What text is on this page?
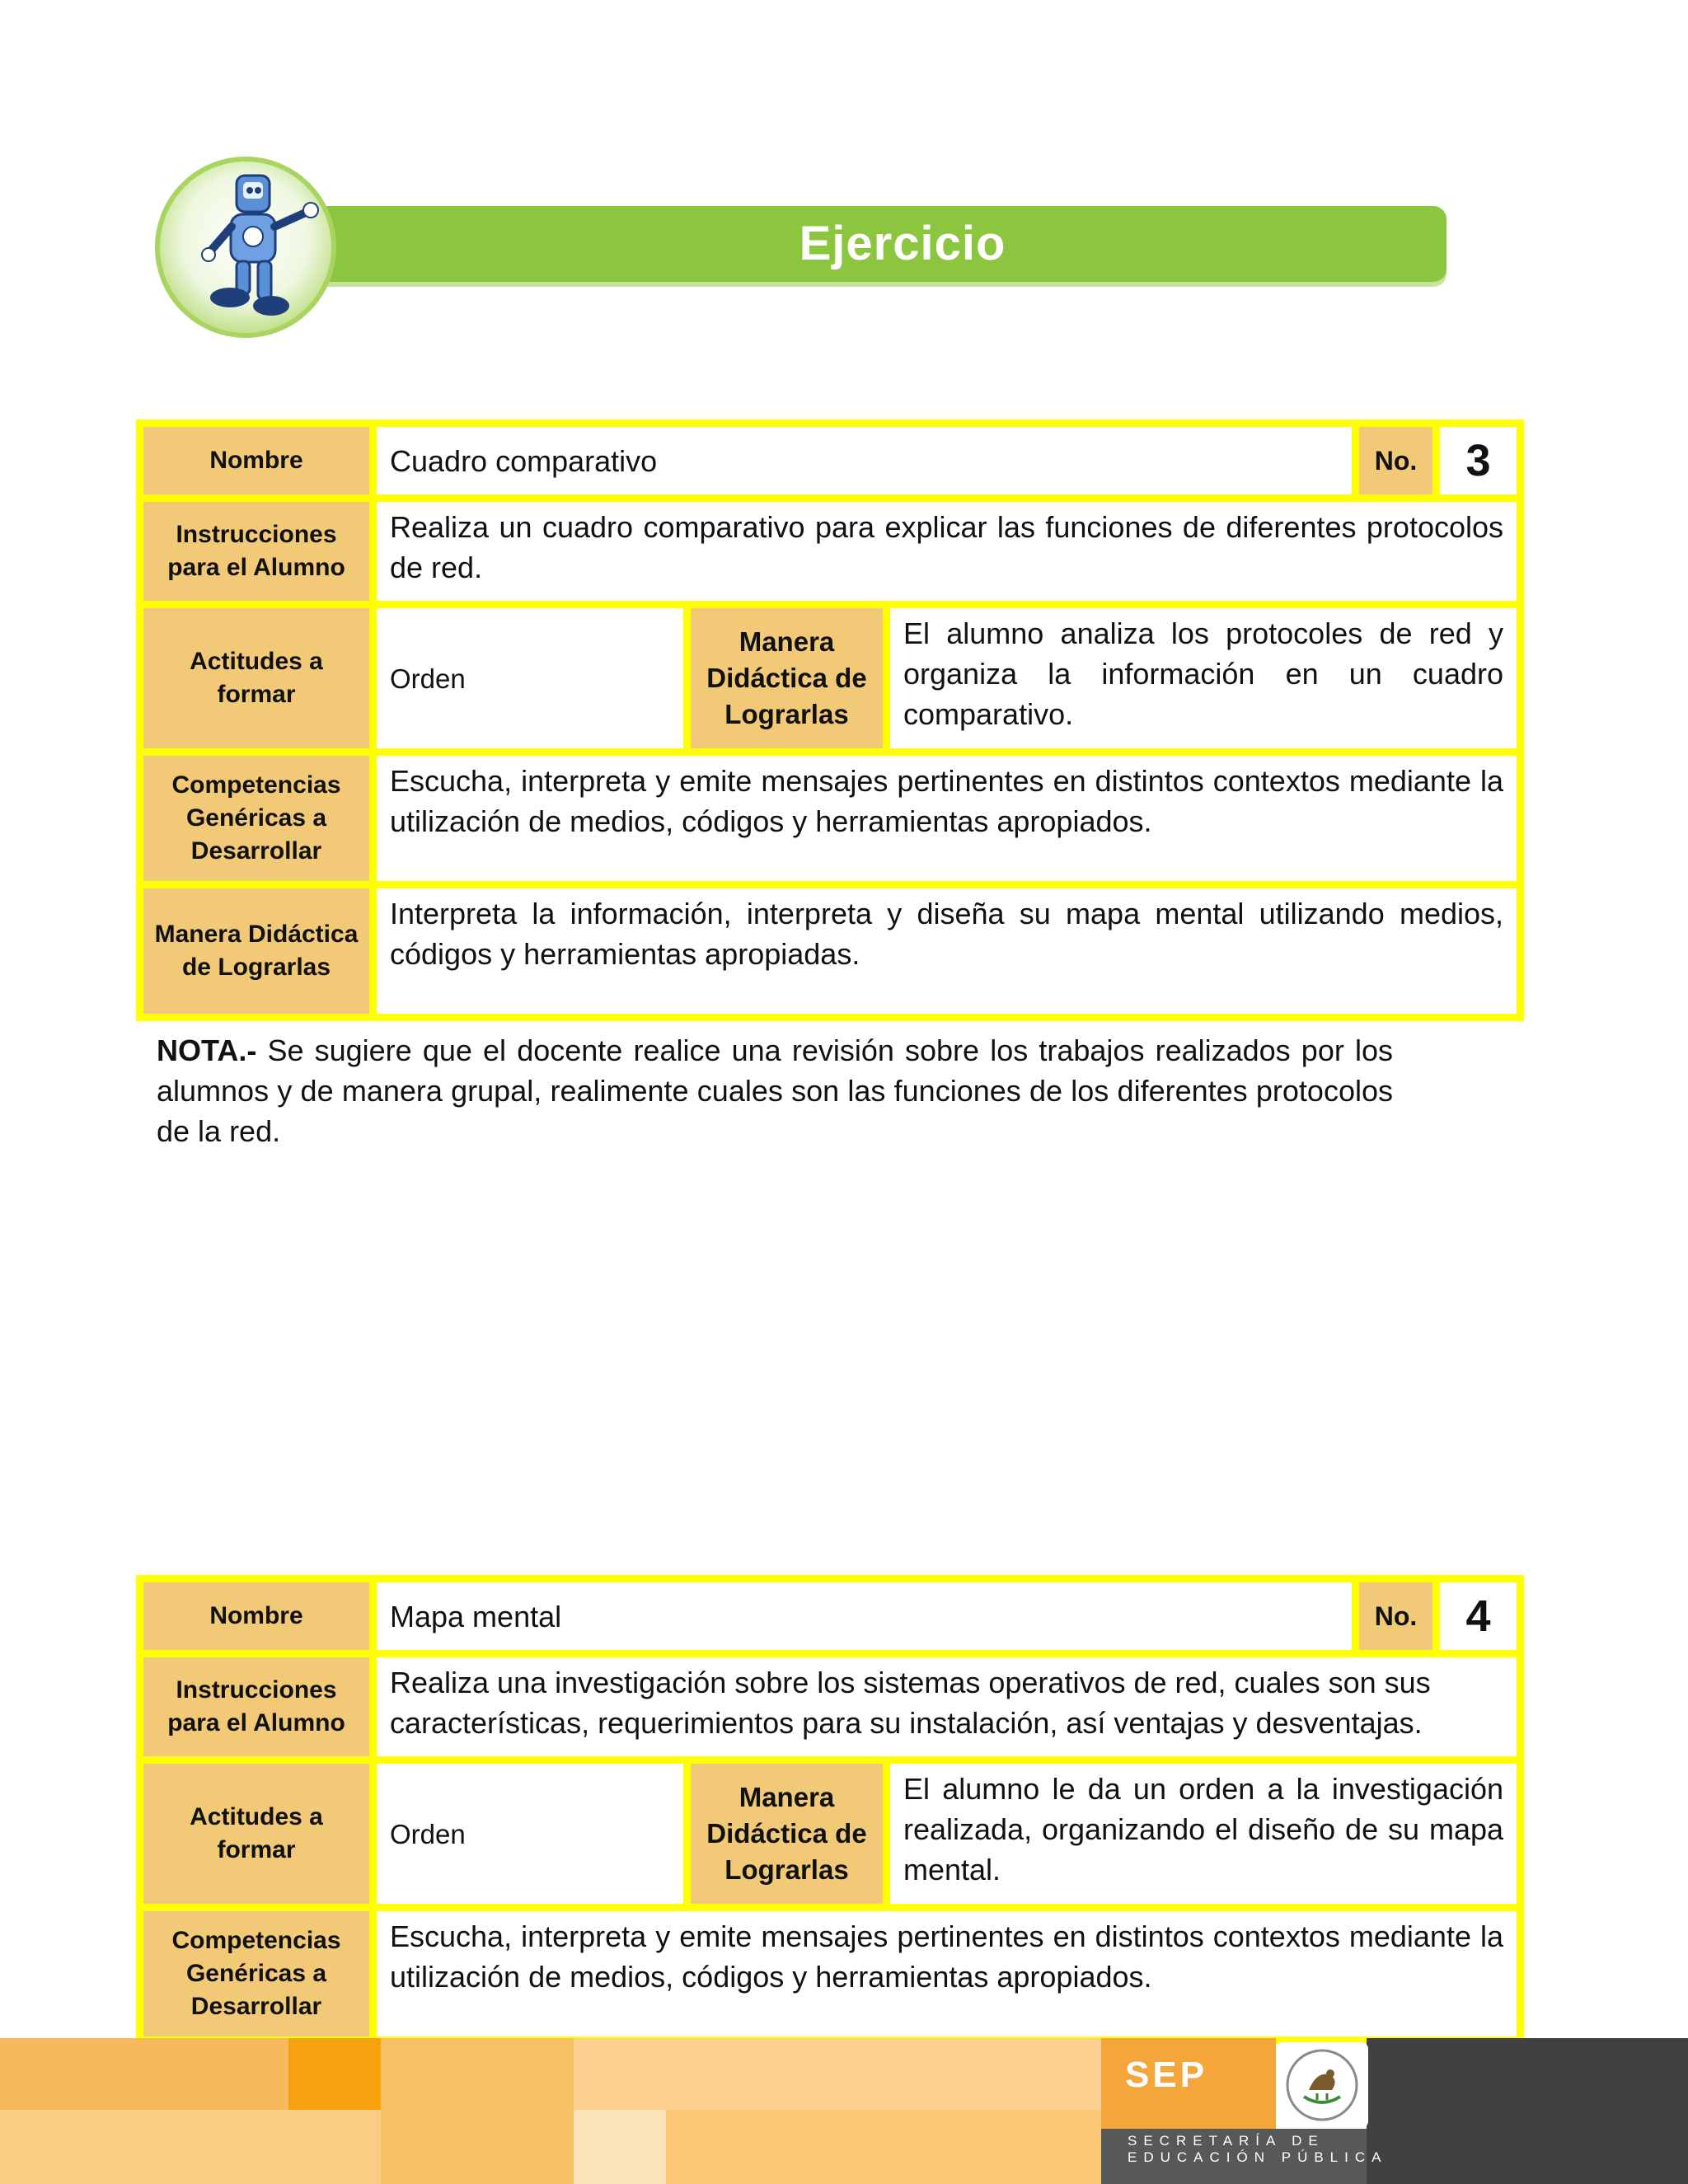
Ejercicio
Nombre	Cuadro comparativo			No.	3
Instrucciones para el Alumno	Realiza un cuadro comparativo para explicar las funciones de diferentes protocolos de red.				
Actitudes a formar	Orden	Manera Didáctica de Lograrlas	El alumno analiza los protocoles de red y organiza la información en un cuadro comparativo.		
Competencias Genéricas a Desarrollar	Escucha, interpreta y emite mensajes pertinentes en distintos contextos mediante la utilización de medios, códigos y herramientas apropiados.				
Manera Didáctica de Lograrlas	Interpreta la información, interpreta y diseña su mapa mental utilizando medios, códigos y herramientas apropiadas.				
NOTA.- Se sugiere que el docente realice una revisión sobre los trabajos realizados por los alumnos y de manera grupal, realimente cuales son las funciones de los diferentes protocolos de la red.
Nombre	Mapa mental			No.	4
Instrucciones para el Alumno	Realiza una investigación sobre los sistemas operativos de red, cuales son sus características, requerimientos para su instalación, así ventajas y desventajas.				
Actitudes a formar	Orden	Manera Didáctica de Lograrlas	El alumno le da un orden a la investigación realizada, organizando el diseño de su mapa mental.		
Competencias Genéricas a Desarrollar	Escucha, interpreta y emite mensajes pertinentes en distintos contextos mediante la utilización de medios, códigos y herramientas apropiados.				
SEP
SECRETARÍA DE
EDUCACIÓN PÚBLICA
